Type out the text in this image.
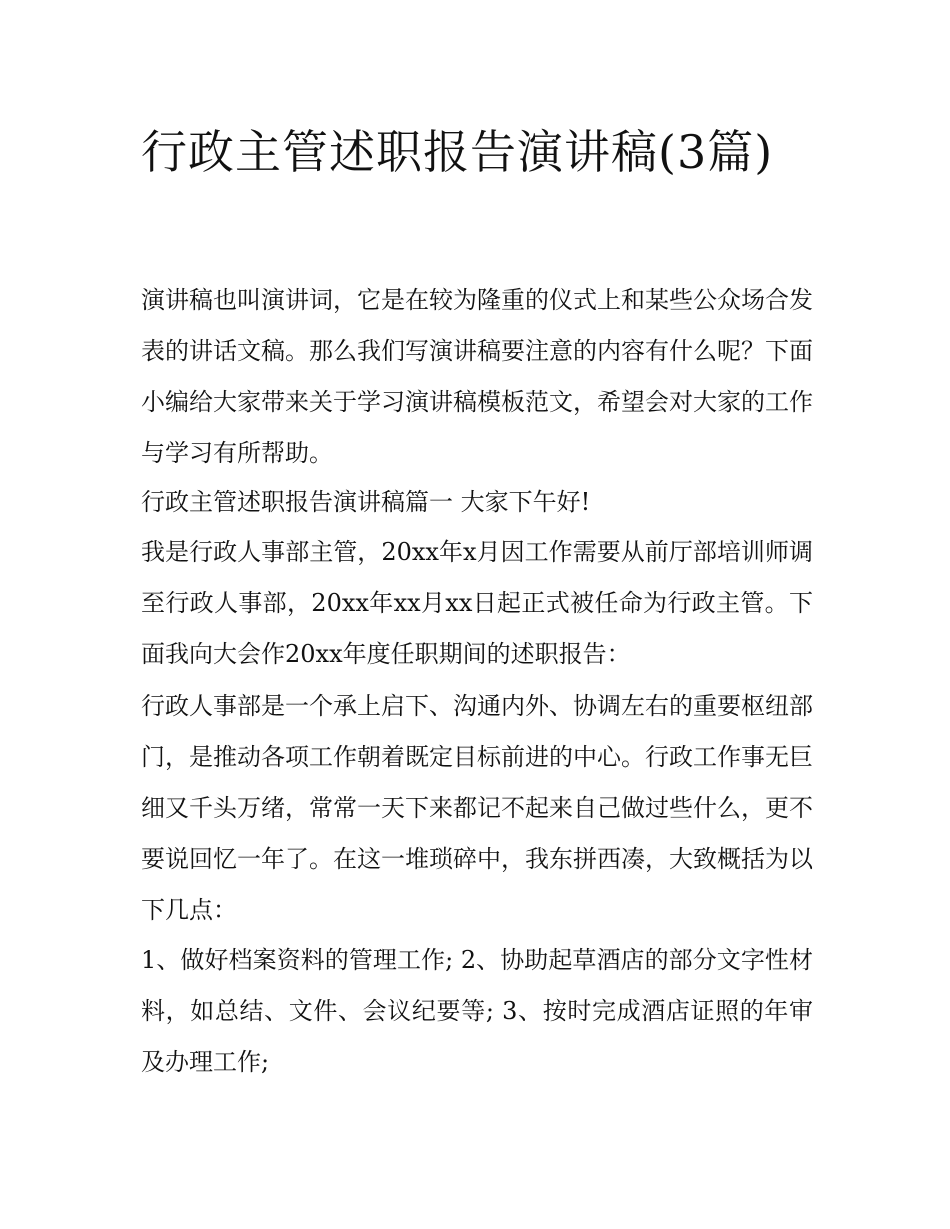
行政主管述职报告演讲稿(3篇)

演讲稿也叫演讲词，它是在较为隆重的仪式上和某些公众场合发表的讲话文稿。那么我们写演讲稿要注意的内容有什么呢？下面小编给大家带来关于学习演讲稿模板范文，希望会对大家的工作与学习有所帮助。

行政主管述职报告演讲稿篇一 大家下午好!

我是行政人事部主管，20xx年x月因工作需要从前厅部培训师调至行政人事部，20xx年xx月xx日起正式被任命为行政主管。下面我向大会作20xx年度任职期间的述职报告：

行政人事部是一个承上启下、沟通内外、协调左右的重要枢纽部门，是推动各项工作朝着既定目标前进的中心。行政工作事无巨细又千头万绪，常常一天下来都记不起来自己做过些什么，更不要说回忆一年了。在这一堆琐碎中，我东拼西凑，大致概括为以下几点：

1、做好档案资料的管理工作; 2、协助起草酒店的部分文字性材料，如总结、文件、会议纪要等; 3、按时完成酒店证照的年审及办理工作;
